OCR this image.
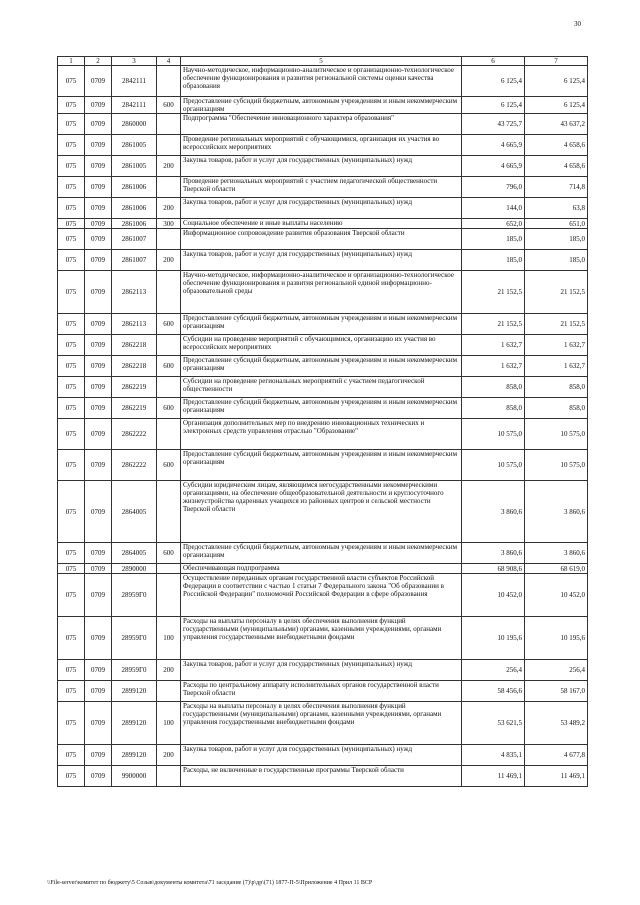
30
1	2	3	4	5	6	7
075	0709	2842111		Научно-методическое, информационно-аналитическое и организационно-технологическое обеспечение функционирования и развития региональной системы оценки качества образования	6 125,4	6 125,4
075	0709	2842111	600	Предоставление субсидий бюджетным, автономным учреждениям и иным некоммерческим организациям	6 125,4	6 125,4
075	0709	2860000		Подпрограмма "Обеспечение инновационного характера образования"	43 725,7	43 637,2
075	0709	2861005		Проведение региональных мероприятий с обучающимися, организация их участия во всероссийских мероприятиях	4 665,9	4 658,6
075	0709	2861005	200	Закупка товаров, работ и услуг для государственных (муниципальных) нужд	4 665,9	4 658,6
075	0709	2861006		Проведение региональных мероприятий с участием педагогической общественности Тверской области	796,0	714,8
075	0709	2861006	200	Закупка товаров, работ и услуг для государственных (муниципальных) нужд	144,0	63,8
075	0709	2861006	300	Социальное обеспечение и иные выплаты населению	652,0	651,0
075	0709	2861007		Информационное сопровождение развития образования Тверской области	185,0	185,0
075	0709	2861007	200	Закупка товаров, работ и услуг для государственных (муниципальных) нужд	185,0	185,0
075	0709	2862113		Научно-методическое, информационно-аналитическое и организационно-технологическое обеспечение функционирования и развития региональной единой информационно-образовательной среды	21 152,5	21 152,5
075	0709	2862113	600	Предоставление субсидий бюджетным, автономным учреждениям и иным некоммерческим организациям	21 152,5	21 152,5
075	0709	2862218		Субсидии на проведение мероприятий с обучающимися, организацию их участия во всероссийских мероприятиях	1 632,7	1 632,7
075	0709	2862218	600	Предоставление субсидий бюджетным, автономным учреждениям и иным некоммерческим организациям	1 632,7	1 632,7
075	0709	2862219		Субсидии на проведение региональных мероприятий с участием педагогической общественности	858,0	858,0
075	0709	2862219	600	Предоставление субсидий бюджетным, автономным учреждениям и иным некоммерческим организациям	858,0	858,0
075	0709	2862222		Организация дополнительных мер по внедрению инновационных технических и электронных средств управления отраслью "Образование"	10 575,0	10 575,0
075	0709	2862222	600	Предоставление субсидий бюджетным, автономным учреждениям и иным некоммерческим организациям	10 575,0	10 575,0
075	0709	2864005		Субсидии юридическим лицам, являющимся негосударственными некоммерческими организациями, на обеспечение общеобразовательной деятельности и круглосуточного жизнеустройства одаренных учащихся из районных центров и сельской местности Тверской области	3 860,6	3 860,6
075	0709	2864005	600	Предоставление субсидий бюджетным, автономным учреждениям и иным некоммерческим организациям	3 860,6	3 860,6
075	0709	2890000		Обеспечивающая подпрограмма	68 908,6	68 619,0
075	0709	28959Г0		Осуществление переданных органам государственной власти субъектов Российской Федерации в соответствии с частью 1 статьи 7 Федерального закона "Об образовании в Российской Федерации" полномочий Российской Федерации в сфере образования	10 452,0	10 452,0
075	0709	28959Г0	100	Расходы на выплаты персоналу в целях обеспечения выполнения функций государственными (муниципальными) органами, казенными учреждениями, органами управления государственными внебюджетными фондами	10 195,6	10 195,6
075	0709	28959Г0	200	Закупка товаров, работ и услуг для государственных (муниципальных) нужд	256,4	256,4
075	0709	2899120		Расходы по центральному аппарату исполнительных органов государственной власти Тверской области	58 456,6	58 167,0
075	0709	2899120	100	Расходы на выплаты персоналу в целях обеспечения выполнения функций государственными (муниципальными) органами, казенными учреждениями, органами управления государственными внебюджетными фондами	53 621,5	53 489,2
075	0709	2899120	200	Закупка товаров, работ и услуг для государственных (муниципальных) нужд	4 835,1	4 677,8
075	0709	9900000		Расходы, не включенные в государственные программы Тверской области	11 469,1	11 469,1
\\File-server\комитет по бюджету\5 Созыв\документы комитета\71 заседание (7)\р\др\(71) 1877-П-5\Приложение 4 Прил 11 ВСР
